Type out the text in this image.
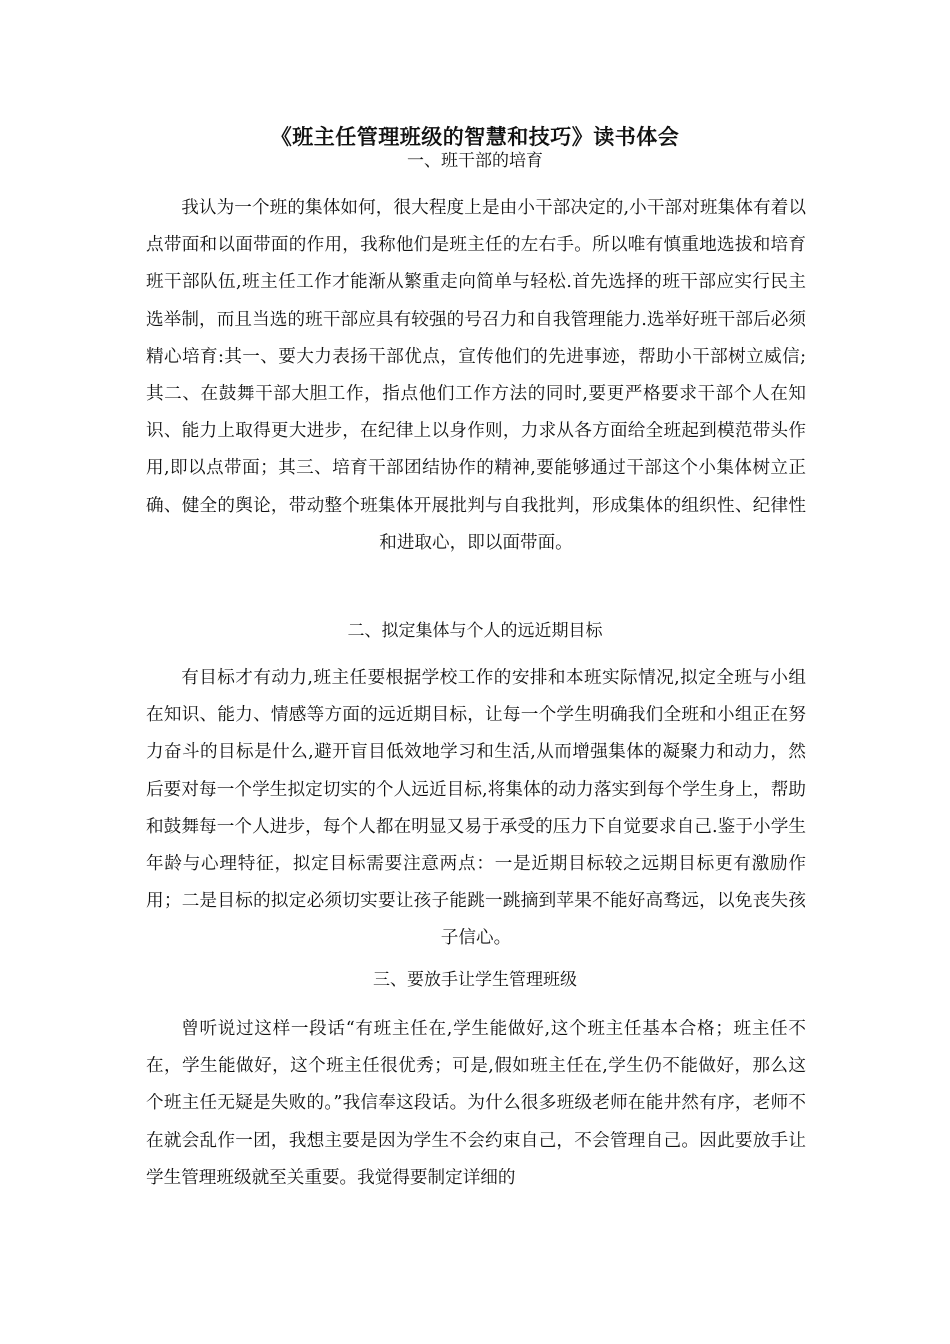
《班主任管理班级的智慧和技巧》读书体会
一、班干部的培育
我认为一个班的集体如何，很大程度上是由小干部决定的,小干部对班集体有着以点带面和以面带面的作用，我称他们是班主任的左右手。所以唯有慎重地选拔和培育班干部队伍,班主任工作才能渐从繁重走向简单与轻松.首先选择的班干部应实行民主选举制，而且当选的班干部应具有较强的号召力和自我管理能力.选举好班干部后必须精心培育:其一、要大力表扬干部优点，宣传他们的先进事迹，帮助小干部树立威信;其二、在鼓舞干部大胆工作，指点他们工作方法的同时,要更严格要求干部个人在知识、能力上取得更大进步，在纪律上以身作则，力求从各方面给全班起到模范带头作用,即以点带面；其三、培育干部团结协作的精神,要能够通过干部这个小集体树立正确、健全的舆论，带动整个班集体开展批判与自我批判，形成集体的组织性、纪律性和进取心，即以面带面。
二、拟定集体与个人的远近期目标
有目标才有动力,班主任要根据学校工作的安排和本班实际情况,拟定全班与小组在知识、能力、情感等方面的远近期目标，让每一个学生明确我们全班和小组正在努力奋斗的目标是什么,避开盲目低效地学习和生活,从而增强集体的凝聚力和动力，然后要对每一个学生拟定切实的个人远近目标,将集体的动力落实到每个学生身上，帮助和鼓舞每一个人进步，每个人都在明显又易于承受的压力下自觉要求自己.鉴于小学生年龄与心理特征，拟定目标需要注意两点：一是近期目标较之远期目标更有激励作用；二是目标的拟定必须切实要让孩子能跳一跳摘到苹果不能好高骛远，以免丧失孩子信心。
三、要放手让学生管理班级
曾听说过这样一段话“有班主任在,学生能做好,这个班主任基本合格；班主任不在，学生能做好，这个班主任很优秀；可是,假如班主任在,学生仍不能做好，那么这个班主任无疑是失败的。”我信奉这段话。为什么很多班级老师在能井然有序，老师不在就会乱作一团，我想主要是因为学生不会约束自己，不会管理自己。因此要放手让学生管理班级就至关重要。我觉得要制定详细的
